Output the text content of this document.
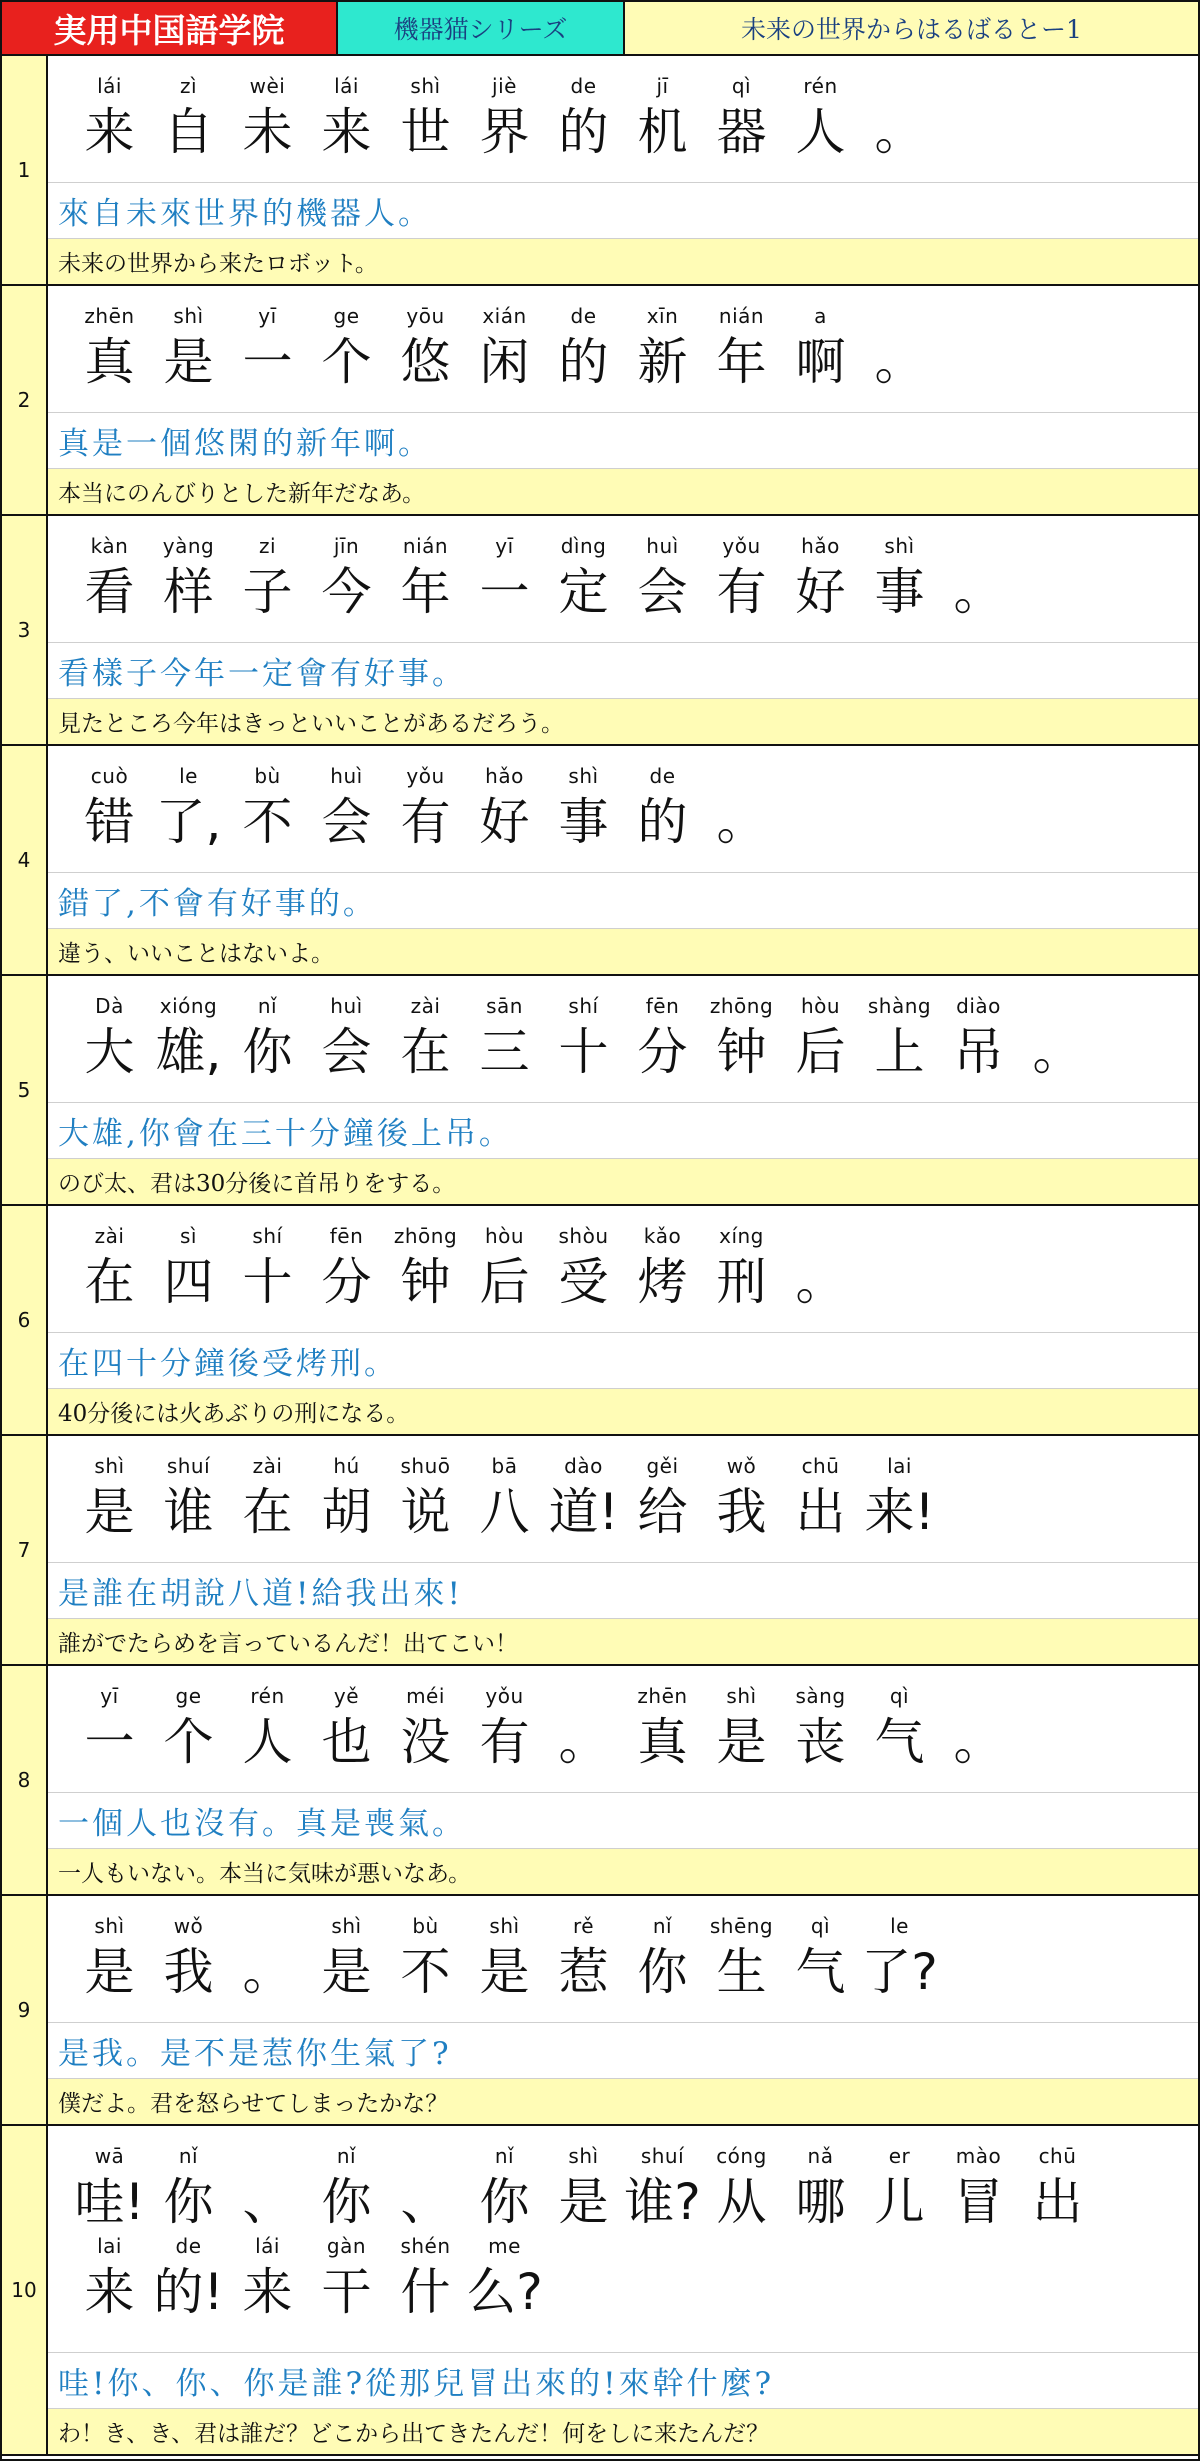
実用中国語学院	機器猫シリーズ	未来の世界からはるばるとー1
1
lái
来
zì
自
wèi
未
lái
来
shì
世
jiè
界
de
的
jī
机
qì
器
rén
人 。
來自未來世界的機器人。
未来の世界から来たロボット。
2
zhēn
真
shì
是
yī
一
ge
个
yōu
悠
xián
闲
de
的
xīn
新
nián
年
a
啊 。
真是一個悠閑的新年啊。
本当にのんびりとした新年だなあ。
3
kàn
看
yàng
样
zi
子
jīn
今
nián
年
yī
一
dìng
定
huì
会
yǒu
有
hǎo
好
shì
事 。
看樣子今年一定會有好事。
見たところ今年はきっといいことがあるだろう。
4
cuò
错
le
了,
bù
不
huì
会
yǒu
有
hǎo
好
shì
事
de
的 。
錯了,不會有好事的。
違う、いいことはないよ。
5
Dà
大
xióng
雄,
nǐ
你
huì
会
zài
在
sān
三
shí
十
fēn
分
zhōng
钟
hòu
后
shàng
上
diào
吊 。
大雄,你會在三十分鐘後上吊。
のび太、君は30分後に首吊りをする。
6
zài
在
sì
四
shí
十
fēn
分
zhōng
钟
hòu
后
shòu
受
kǎo
烤
xíng
刑 。
在四十分鐘後受烤刑。
40分後には火あぶりの刑になる。
7
shì
是
shuí
谁
zài
在
hú
胡
shuō
说
bā
八
dào
道!
gěi
给
wǒ
我
chū
出
lai
来!
是誰在胡說八道!給我出來!
誰がでたらめを言っているんだ！出てこい！
8
yī
一
ge
个
rén
人
yě
也
méi
没
yǒu
有 。
zhēn
真
shì
是
sàng
丧
qì
气 。
一個人也沒有。真是喪氣。
一人もいない。本当に気味が悪いなあ。
9
shì
是
wǒ
我 。
shì
是
bù
不
shì
是
rě
惹
nǐ
你
shēng
生
qì
气
le
了?
是我。是不是惹你生氣了?
僕だよ。君を怒らせてしまったかな？
10
wā
哇!
nǐ
你 、
nǐ
你 、
nǐ
你
shì
是
shuí
谁?
cóng
从
nǎ
哪
er
儿
mào
冒
chū
出
lai
来
de
的!
lái
来
gàn
干
shén
什
me
么?
哇!你、你、你是誰?從那兒冒出來的!來幹什麼?
わ！き、き、君は誰だ？どこから出てきたんだ！何をしに来たんだ？
